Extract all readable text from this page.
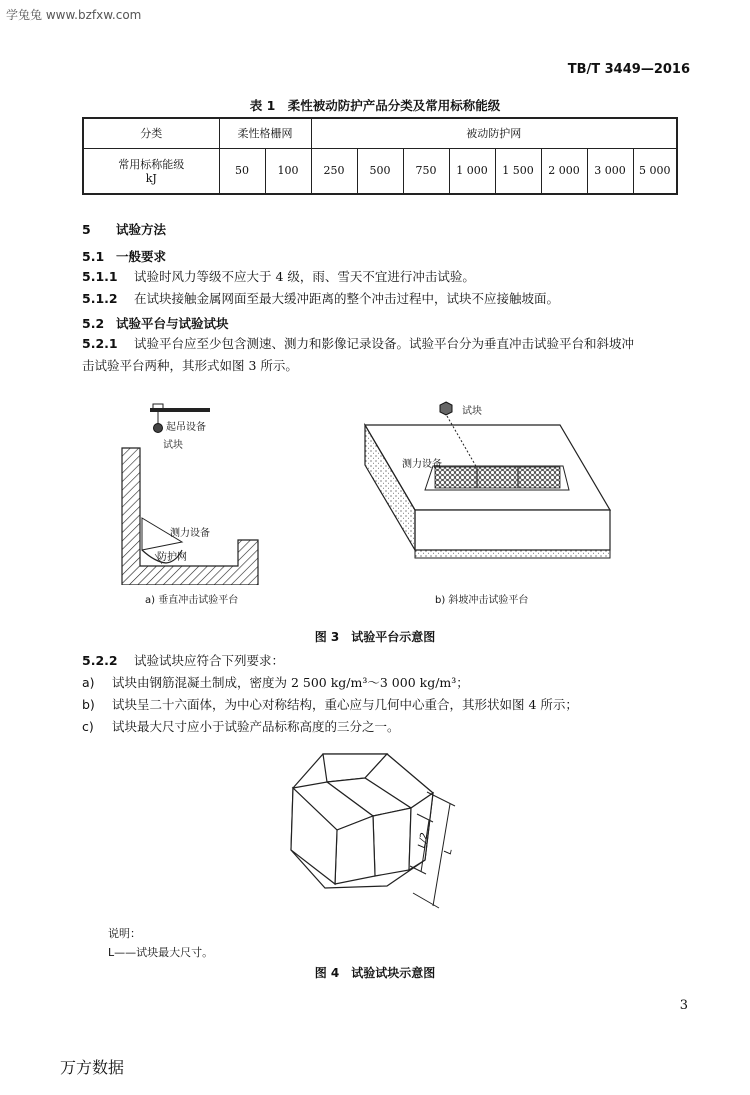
学兔兔 www.bzfxw.com
TB/T 3449—2016
表 1　柔性被动防护产品分类及常用标称能级
分类	柔性格栅网		被动防护网							

常用标称能级
kJ	50	100	250	500	750	1 000	1 500	2 000	3 000	5 000
5 试验方法
5.1 一般要求
5.1.1 试验时风力等级不应大于 4 级，雨、雪天不宜进行冲击试验。
5.1.2 在试块接触金属网面至最大缓冲距离的整个冲击过程中，试块不应接触坡面。
5.2 试验平台与试验试块
5.2.1 试验平台应至少包含测速、测力和影像记录设备。试验平台分为垂直冲击试验平台和斜坡冲
击试验平台两种，其形式如图 3 所示。
起吊设备
试块
测力设备
防护网
a) 垂直冲击试验平台
试块
测力设备
b) 斜坡冲击试验平台
图 3　试验平台示意图
5.2.2 试验试块应符合下列要求：
a) 试块由钢筋混凝土制成，密度为 2 500 kg/m³～3 000 kg/m³；
b) 试块呈二十六面体，为中心对称结构，重心应与几何中心重合，其形状如图 4 所示；
c) 试块最大尺寸应小于试验产品标称高度的三分之一。
L/2
L
说明：
L——试块最大尺寸。
图 4　试验试块示意图
3
万方数据
